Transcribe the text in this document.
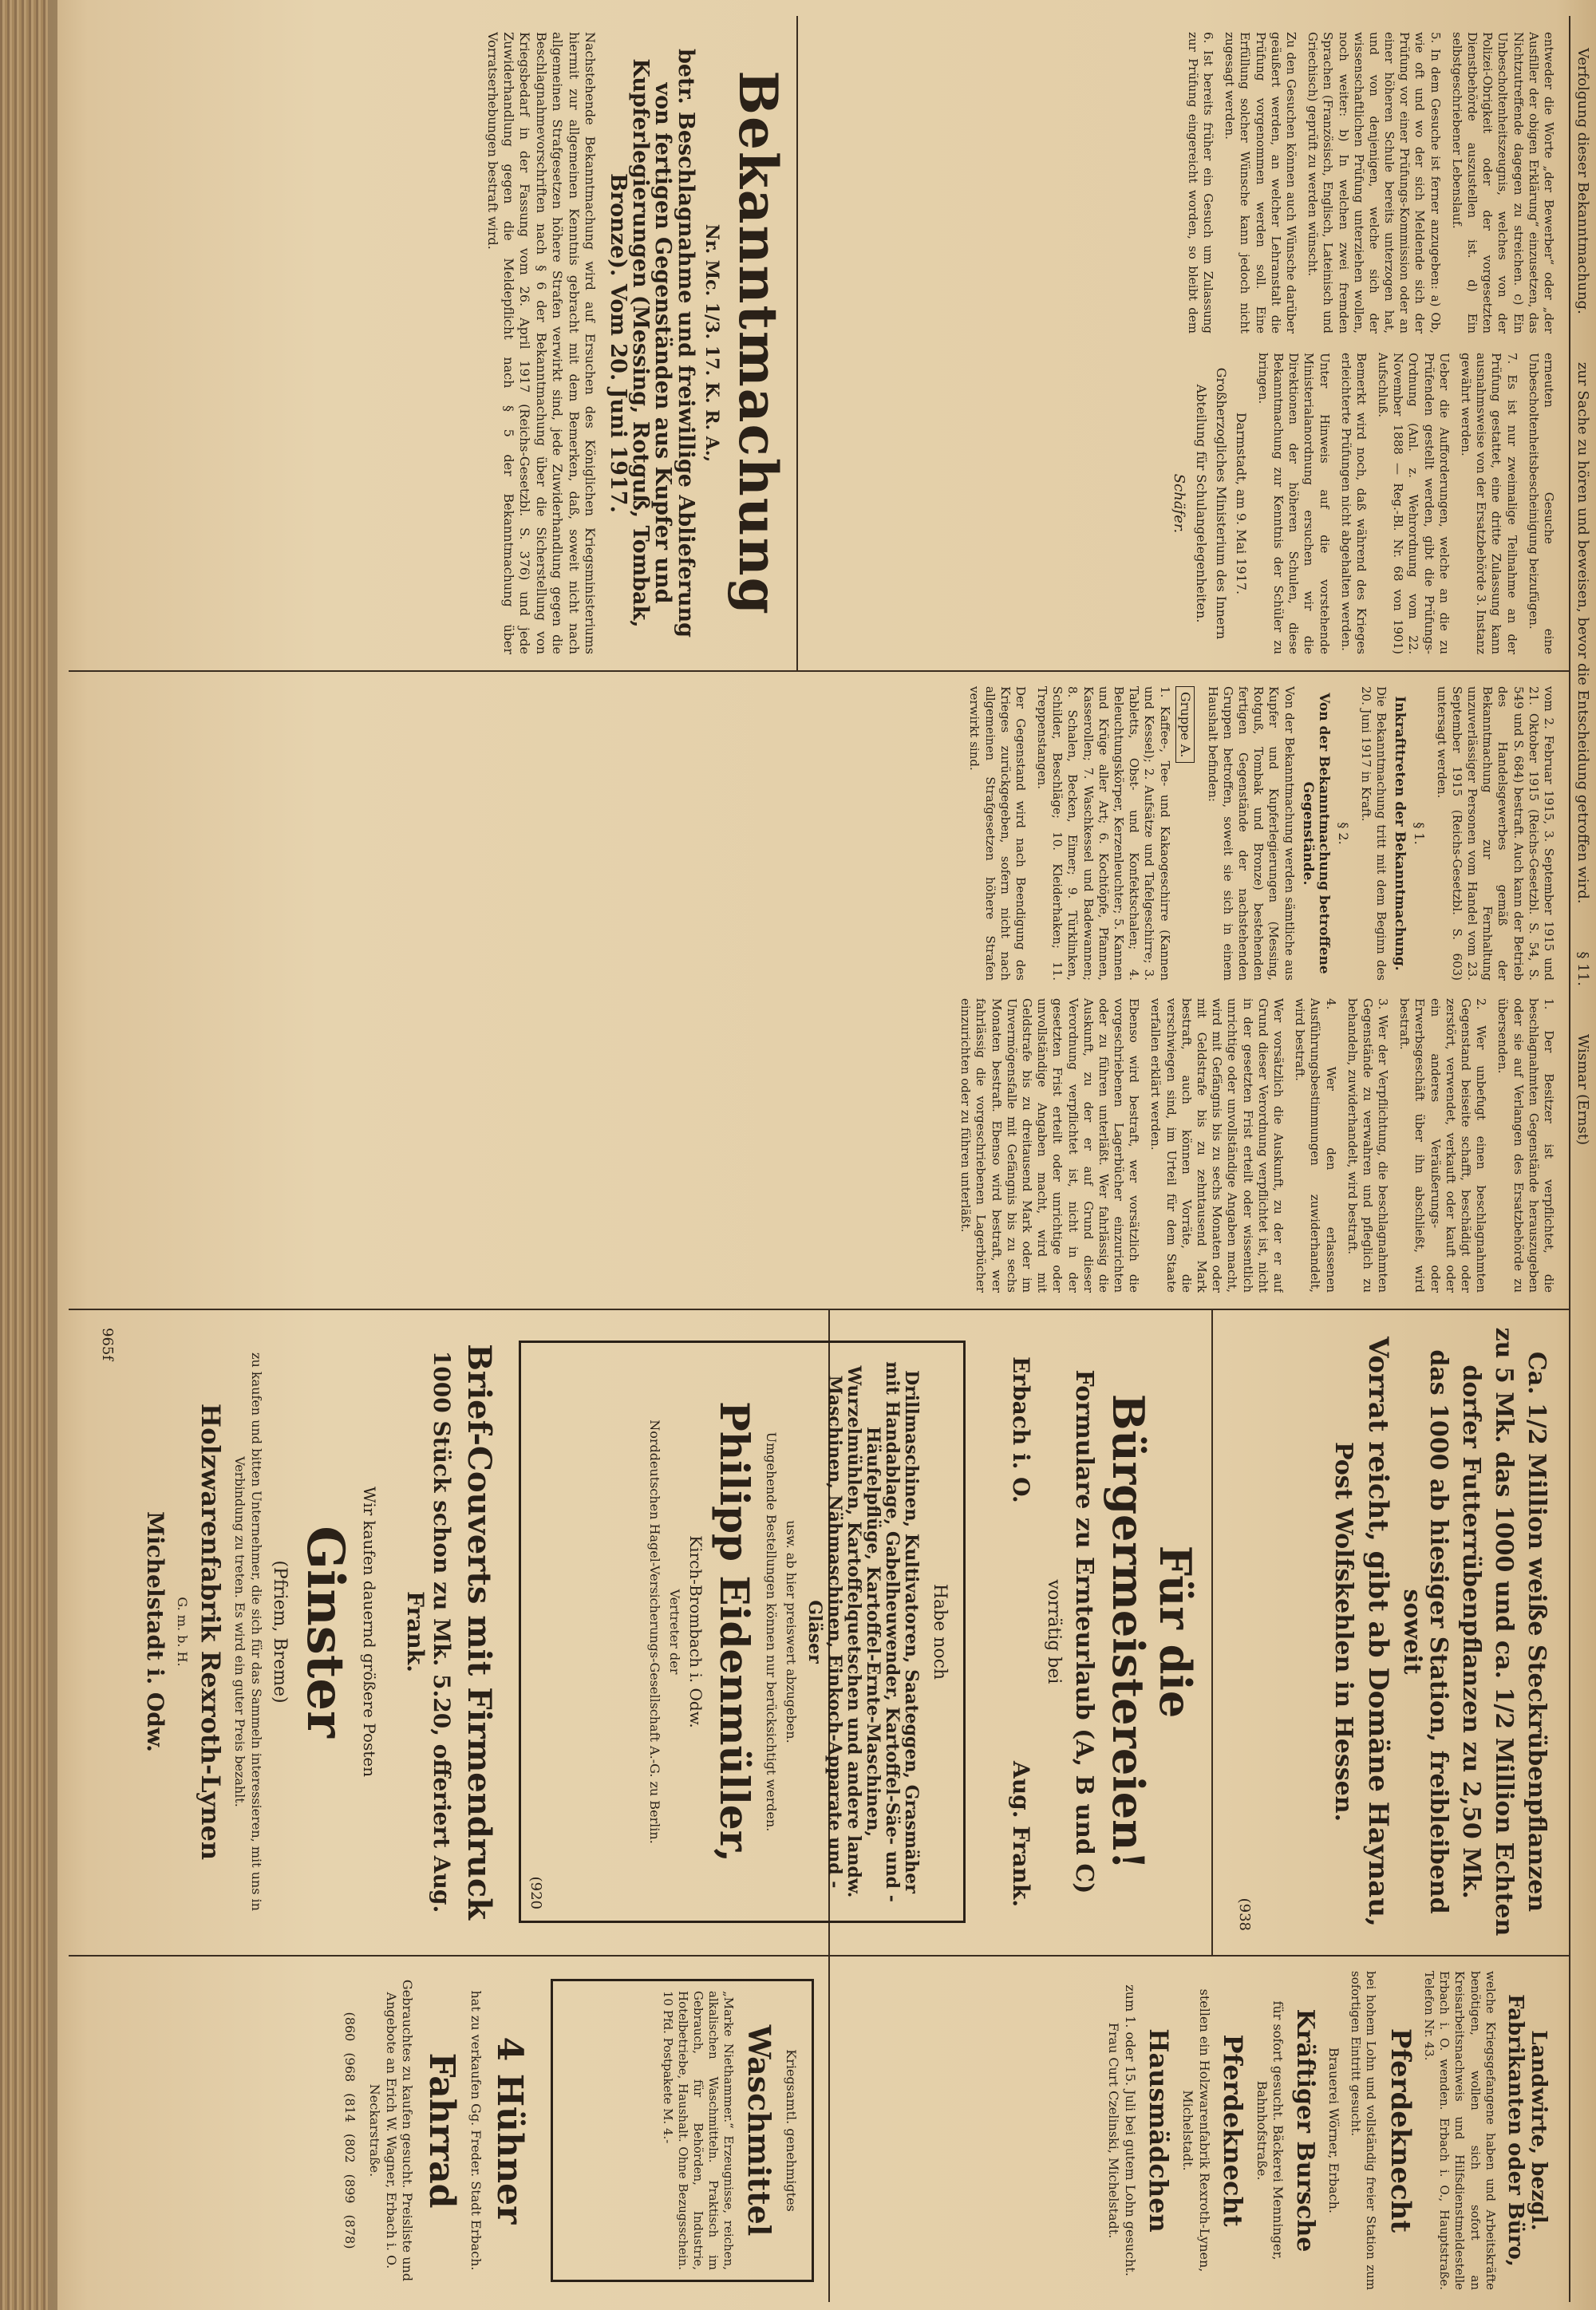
Verfolgung dieser Bekanntmachung.
zur Sache zu hören und beweisen, bevor die Entscheidung getroffen wird.
§ 11.
Wismar (Ernst)

entweder die Worte „der Bewerber“ oder „der Ausfiller der obigen Erklärung“ einzusetzen, das Nichtzutreffende dagegen zu streichen. c) Ein Unbescholtenheitszeugnis, welches von der Polizei-Obrigkeit oder der vorgesetzten Dienstbehörde auszustellen ist. d) Ein selbstgeschriebener Lebenslauf.

5. In dem Gesuche ist ferner anzugeben: a) Ob, wie oft und wo der sich Meldende sich der Prüfung vor einer Prüfungs-Kommission oder an einer höheren Schule bereits unterzogen hat, und von denjenigen, welche sich der wissenschaftlichen Prüfung unterziehen wollen, noch weiter: b) In welchen zwei fremden Sprachen (Französisch, Englisch, Lateinisch und Griechisch) geprüft zu werden wünscht.

Zu den Gesuchen können auch Wünsche darüber geäußert werden, an welcher Lehranstalt die Prüfung vorgenommen werden soll. Eine Erfüllung solcher Wünsche kann jedoch nicht zugesagt werden.

6. Ist bereits früher ein Gesuch um Zulassung zur Prüfung eingereicht worden, so bleibt dem erneuten Gesuche eine Unbescholtenheitsbescheinigung beizufügen.

7. Es ist nur zweimalige Teilnahme an der Prüfung gestattet, eine dritte Zulassung kann ausnahmsweise von der Ersatzbehörde 3. Instanz gewährt werden.

Ueber die Aufforderungen, welche an die zu Prüfenden gestellt werden, gibt die Prüfungs-Ordnung (Anl. z. Wehrordnung vom 22. November 1888 — Reg.-Bl. Nr. 68 von 1901) Aufschluß.

Bemerkt wird noch, daß während des Krieges erleichterte Prüfungen nicht abgehalten werden.

Unter Hinweis auf die vorstehende Ministerialanordnung ersuchen wir die Direktionen der höheren Schulen, diese Bekanntmachung zur Kenntnis der Schüler zu bringen.

Darmstadt, am 9. Mai 1917.

Großherzogliches Ministerium des Innern

Abteilung für Schulangelegenheiten.

Schäfer.

Bekanntmachung
Nr. Mc. 1/3. 17. K. R. A.,
betr. Beschlagnahme und freiwillige Ablieferung von fertigen Gegenständen aus Kupfer und Kupferlegierungen (Messing, Rotguß, Tombak, Bronze). Vom 20. Juni 1917.

Nachstehende Bekanntmachung wird auf Ersuchen des Königlichen Kriegsministeriums hiermit zur allgemeinen Kenntnis gebracht mit dem Bemerken, daß, soweit nicht nach allgemeinen Strafgesetzen höhere Strafen verwirkt sind, jede Zuwiderhandlung gegen die Beschlagnahmevorschriften nach § 6 der Bekanntmachung über die Sicherstellung von Kriegsbedarf in der Fassung vom 26. April 1917 (Reichs-Gesetzbl. S. 376) und jede Zuwiderhandlung gegen die Meldepflicht nach § 5 der Bekanntmachung über Vorratserhebungen bestraft wird.

vom 2. Februar 1915, 3. September 1915 und 21. Oktober 1915 (Reichs-Gesetzbl. S. 54, S. 549 und S. 684) bestraft. Auch kann der Betrieb des Handelsgewerbes gemäß der Bekanntmachung zur Fernhaltung unzuverlässiger Personen vom Handel vom 23. September 1915 (Reichs-Gesetzbl. S. 603) untersagt werden.

§ 1.

Inkrafttreten der Bekanntmachung.

Die Bekanntmachung tritt mit dem Beginn des 20. Juni 1917 in Kraft.

§ 2.

Von der Bekanntmachung betroffene Gegenstände.

Von der Bekanntmachung werden sämtliche aus Kupfer und Kupferlegierungen (Messing, Rotguß, Tombak und Bronze) bestehenden fertigen Gegenstände der nachstehenden Gruppen betroffen, soweit sie sich in einem Haushalt befinden:

Gruppe A.

1. Kaffee-, Tee- und Kakaogeschirre (Kannen und Kessel); 2. Aufsätze und Tafelgeschirre; 3. Tabletts, Obst- und Konfektschalen; 4. Beleuchtungskörper, Kerzenleuchter; 5. Kannen und Krüge aller Art; 6. Kochtöpfe, Pfannen, Kasserollen; 7. Waschkessel und Badewannen; 8. Schalen, Becken, Eimer; 9. Türklinken, Schilder, Beschläge; 10. Kleiderhaken; 11. Treppenstangen.

Der Gegenstand wird nach Beendigung des Krieges zurückgegeben, sofern nicht nach allgemeinen Strafgesetzen höhere Strafen verwirkt sind.

1. Der Besitzer ist verpflichtet, die beschlagnahmten Gegenstände herauszugeben oder sie auf Verlangen des Ersatzbehörde zu übersenden.

2. Wer unbefugt einen beschlagnahmten Gegenstand beiseite schafft, beschädigt oder zerstört, verwendet, verkauft oder kauft oder ein anderes Veräußerungs- oder Erwerbsgeschäft über ihn abschließt, wird bestraft.

3. Wer der Verpflichtung, die beschlagnahmten Gegenstände zu verwahren und pfleglich zu behandeln, zuwiderhandelt, wird bestraft.

4. Wer den erlassenen Ausführungsbestimmungen zuwiderhandelt, wird bestraft.

Wer vorsätzlich die Auskunft, zu der er auf Grund dieser Verordnung verpflichtet ist, nicht in der gesetzten Frist erteilt oder wissentlich unrichtige oder unvollständige Angaben macht, wird mit Gefängnis bis zu sechs Monaten oder mit Geldstrafe bis zu zehntausend Mark bestraft, auch können Vorräte, die verschwiegen sind, im Urteil für dem Staate verfallen erklärt werden.

Ebenso wird bestraft, wer vorsätzlich die vorgeschriebenen Lagerbücher einzurichten oder zu führen unterläßt. Wer fahrlässig die Auskunft, zu der er auf Grund dieser Verordnung verpflichtet ist, nicht in der gesetzten Frist erteilt oder unrichtige oder unvollständige Angaben macht, wird mit Geldstrafe bis zu dreitausend Mark oder im Unvermögensfalle mit Gefängnis bis zu sechs Monaten bestraft. Ebenso wird bestraft, wer fahrlässig die vorgeschriebenen Lagerbücher einzurichten oder zu führen unterläßt.

Ca. 1/2 Million weiße Steckrübenpflanzen
zu 5 Mk. das 1000 und ca. 1/2 Million Echten
dorfer Futterrübenpflanzen zu 2,50 Mk.
das 1000 ab hiesiger Station, freibleibend soweit
Vorrat reicht, gibt ab Domäne Haynau,
Post Wolfskehlen in Hessen.
(938
Für die Bürgermeistereien!
Formulare zu Ernteurlaub (A, B und C)
vorrätig bei
Erbach i. O.
Aug. Frank.
Habe noch
Drillmaschinen, Kultivatoren, Saateggen, Grasmäher mit Handablage, Gabelheuwender, Kartoffel-Säe- und -Häufelpflüge, Kartoffel-Ernte-Maschinen, Wurzelmühlen, Kartoffelquetschen und andere landw. Maschinen, Nähmaschinen, Einkoch-Apparate und -Gläser
usw. ab hier preiswert abzugeben.
Umgehende Bestellungen können nur berücksichtigt werden.
Philipp Eidenmüller,
Kirch-Brombach i. Odw.
Vertreter der
Norddeutschen Hagel-Versicherungs-Gesellschaft A.-G. zu Berlin.
(920
Brief-Couverts mit Firmendruck
1000 Stück schon zu Mk. 5.20, offeriert Aug. Frank.
Wir kaufen dauernd größere Posten
Ginster
(Pfriem, Breme)
zu kaufen und bitten Unternehmer, die sich für das Sammeln interessieren, mit uns in Verbindung zu treten. Es wird ein guter Preis bezahlt.
Holzwarenfabrik Rexroth-Lynen
G. m. b. H.
Michelstadt i. Odw.
965f
Landwirte, bezgl. Fabrikanten oder Büro,

welche Kriegsgefangene haben und Arbeitskräfte benötigen, wollen sich sofort an Kreisarbeitsnachweis und Hilfsdienstmeldestelle Erbach i. O. wenden. Erbach i. O., Hauptstraße. Telefon Nr. 43.

Pferdeknecht

bei hohem Lohn und vollständig freier Station zum sofortigen Eintritt gesucht.

Brauerei Wörner, Erbach.

Kräftiger Bursche

für sofort gesucht. Bäckerei Menninger, Bahnhofstraße.

Pferdeknecht

stellen ein Holzwarenfabrik Rexroth-Lynen, Michelstadt.

Hausmädchen

zum 1. oder 15. Juli bei gutem Lohn gesucht. Frau Curt Czelinski, Michelstadt.

Kriegsamtl. genehmigtes
Waschmittel

„Marke Niethammer.“ Erzeugnisse, reichen, alkalischen Waschmitteln. Praktisch im Gebrauch, für Behörden, Industrie, Hotelbetriebe, Haushalt. Ohne Bezugsschein. 10 Pfd. Postpakete M. 4.-

4 Hühner

hat zu verkaufen Gg. Freder. Stadt Erbach.

Fahrrad

Gebrauchtes zu kaufen gesucht. Preisliste und Angebote an Erich W. Wagner, Erbach i. O. Neckarstraße.

(860
(968
(814
(802
(899
(878)
